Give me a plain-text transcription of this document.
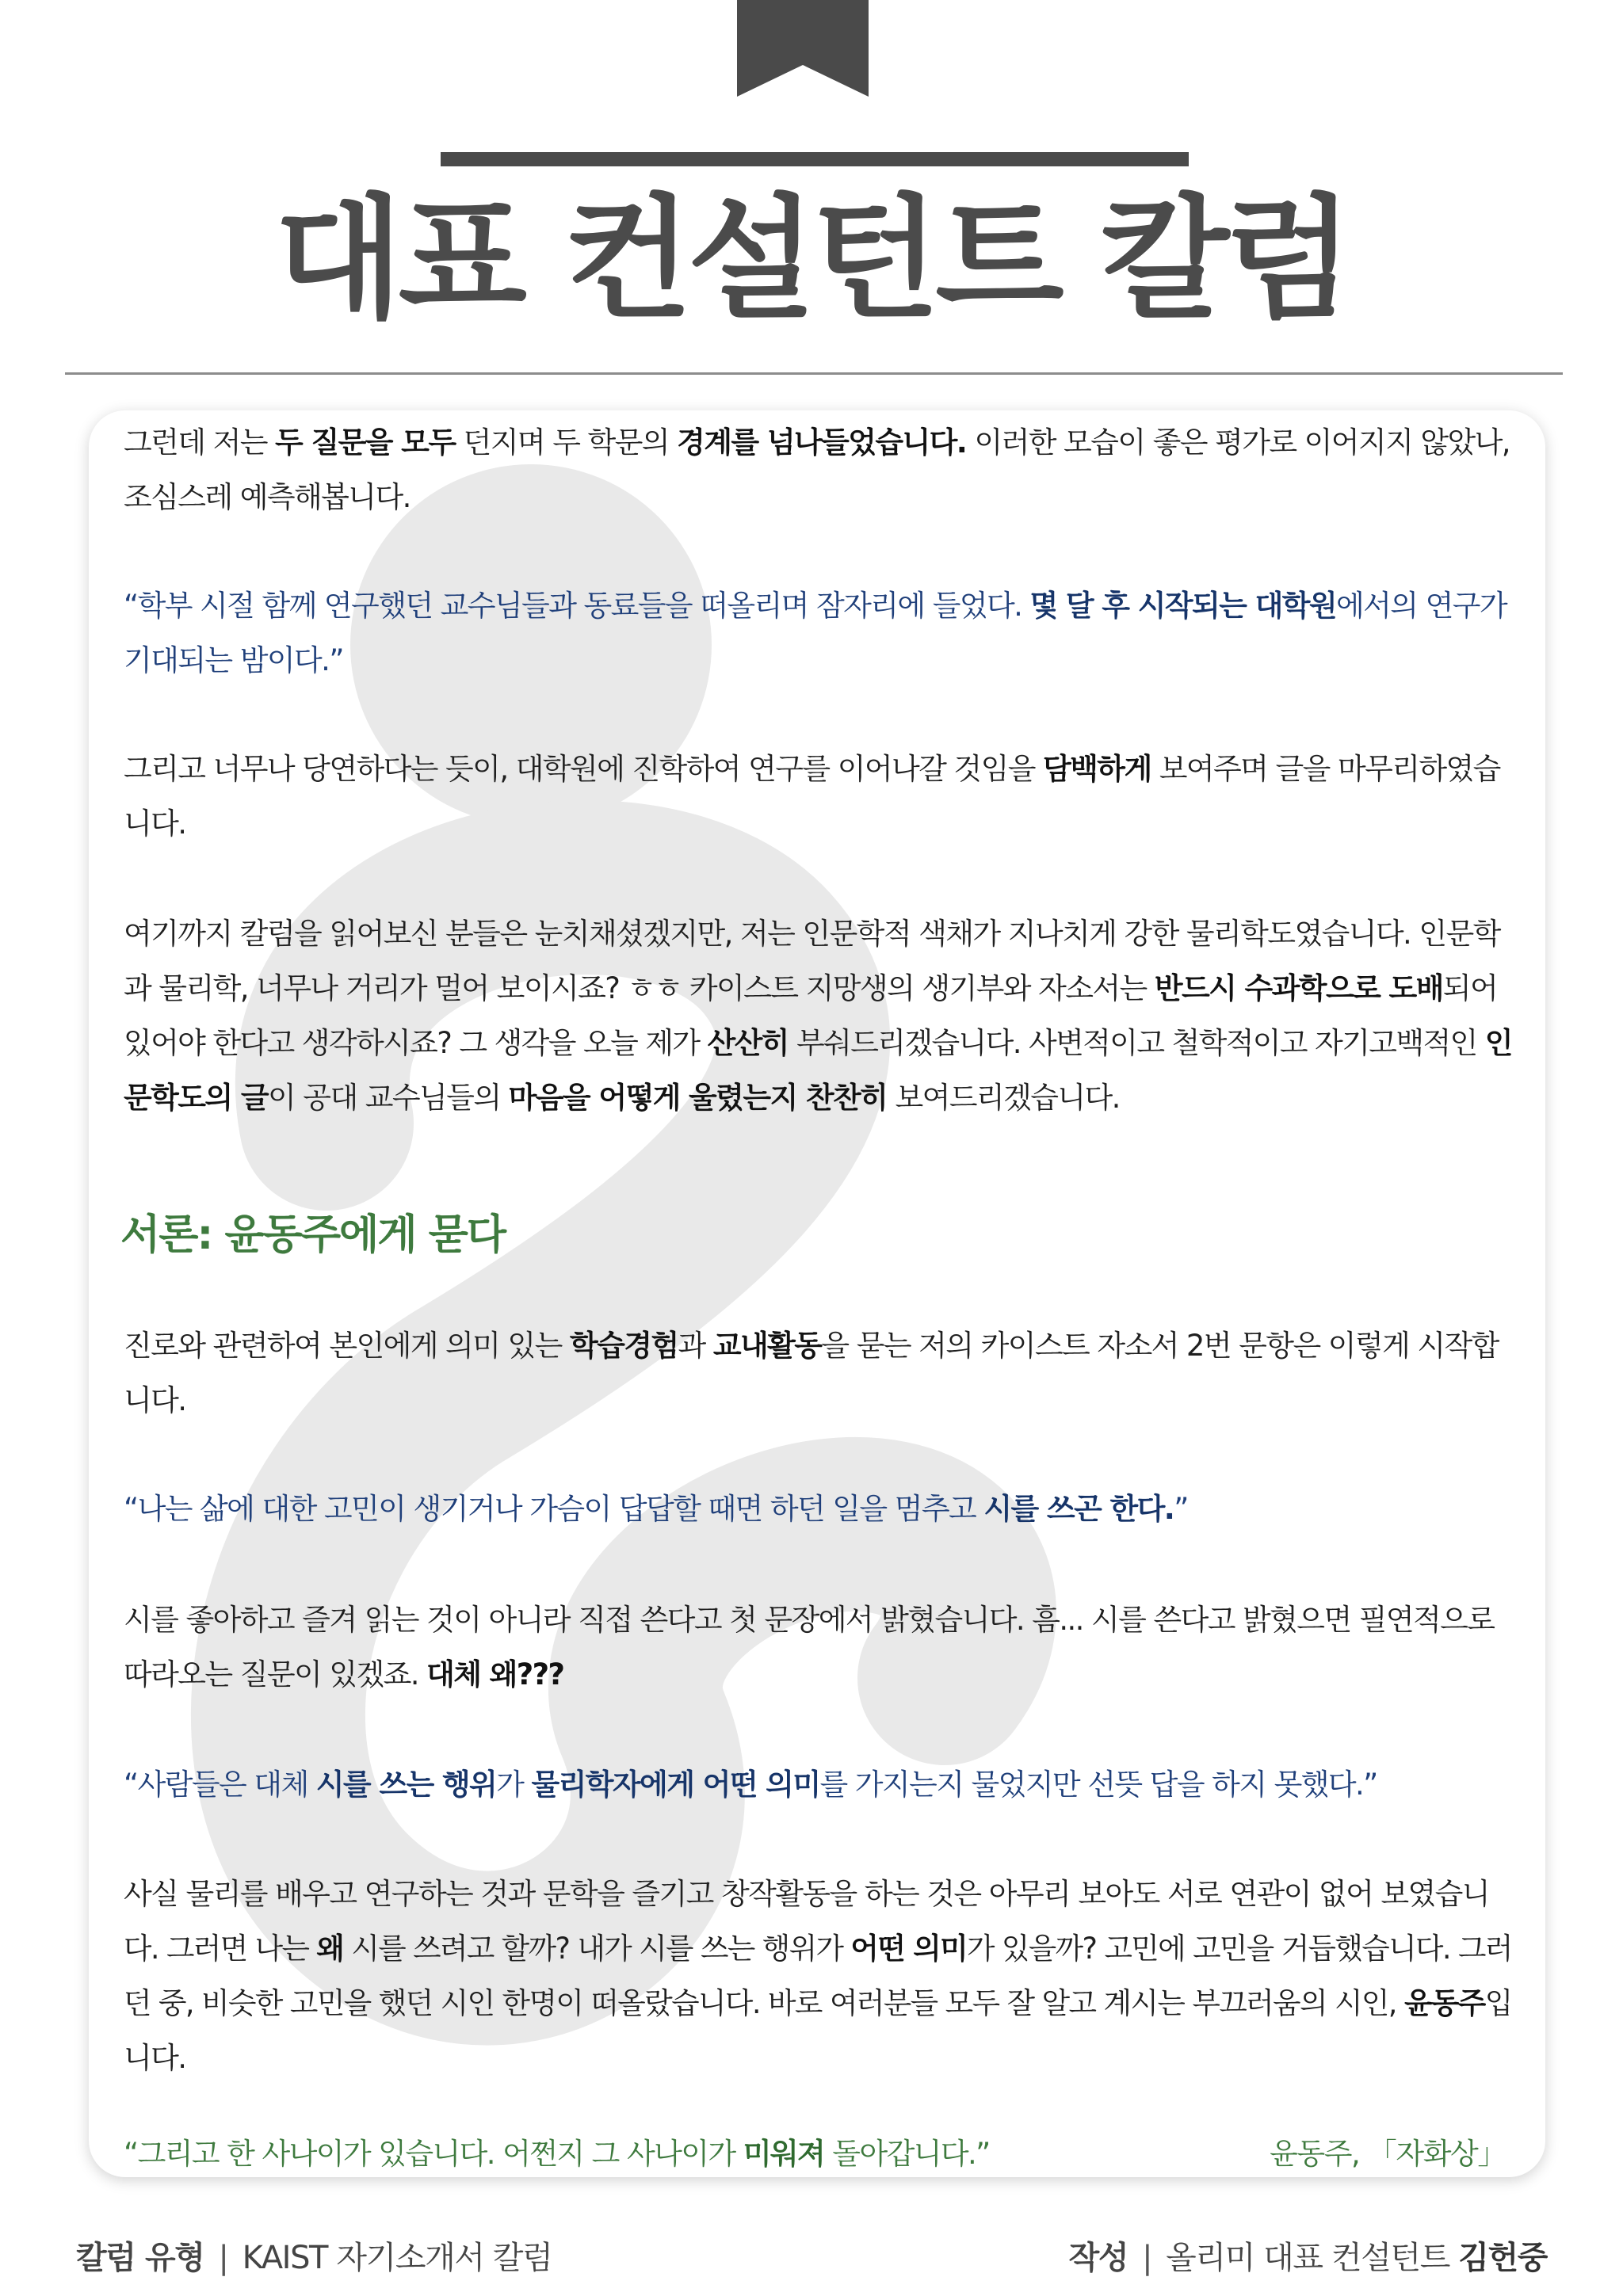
대표 컨설턴트 칼럼
그런데 저는 두 질문을 모두 던지며 두 학문의 경계를 넘나들었습니다. 이러한 모습이 좋은 평가로 이어지지 않았나,
조심스레 예측해봅니다.
“학부 시절 함께 연구했던 교수님들과 동료들을 떠올리며 잠자리에 들었다. 몇 달 후 시작되는 대학원에서의 연구가
기대되는 밤이다.”
그리고 너무나 당연하다는 듯이, 대학원에 진학하여 연구를 이어나갈 것임을 담백하게 보여주며 글을 마무리하였습
니다.
여기까지 칼럼을 읽어보신 분들은 눈치채셨겠지만, 저는 인문학적 색채가 지나치게 강한 물리학도였습니다. 인문학
과 물리학, 너무나 거리가 멀어 보이시죠? ㅎㅎ 카이스트 지망생의 생기부와 자소서는 반드시 수과학으로 도배되어
있어야 한다고 생각하시죠? 그 생각을 오늘 제가 산산히 부숴드리겠습니다. 사변적이고 철학적이고 자기고백적인 인
문학도의 글이 공대 교수님들의 마음을 어떻게 울렸는지 찬찬히 보여드리겠습니다.
서론: 윤동주에게 묻다
진로와 관련하여 본인에게 의미 있는 학습경험과 교내활동을 묻는 저의 카이스트 자소서 2번 문항은 이렇게 시작합
니다.
“나는 삶에 대한 고민이 생기거나 가슴이 답답할 때면 하던 일을 멈추고 시를 쓰곤 한다.”
시를 좋아하고 즐겨 읽는 것이 아니라 직접 쓴다고 첫 문장에서 밝혔습니다. 흠... 시를 쓴다고 밝혔으면 필연적으로
따라오는 질문이 있겠죠. 대체 왜???
“사람들은 대체 시를 쓰는 행위가 물리학자에게 어떤 의미를 가지는지 물었지만 선뜻 답을 하지 못했다.”
사실 물리를 배우고 연구하는 것과 문학을 즐기고 창작활동을 하는 것은 아무리 보아도 서로 연관이 없어 보였습니
다. 그러면 나는 왜 시를 쓰려고 할까? 내가 시를 쓰는 행위가 어떤 의미가 있을까? 고민에 고민을 거듭했습니다. 그러
던 중, 비슷한 고민을 했던 시인 한명이 떠올랐습니다. 바로 여러분들 모두 잘 알고 계시는 부끄러움의 시인, 윤동주입
니다.
“그리고 한 사나이가 있습니다. 어쩐지 그 사나이가 미워져 돌아갑니다.”	윤동주, 「자화상」
칼럼 유형 | KAIST 자기소개서 칼럼	작성 | 올리미 대표 컨설턴트 김헌중
